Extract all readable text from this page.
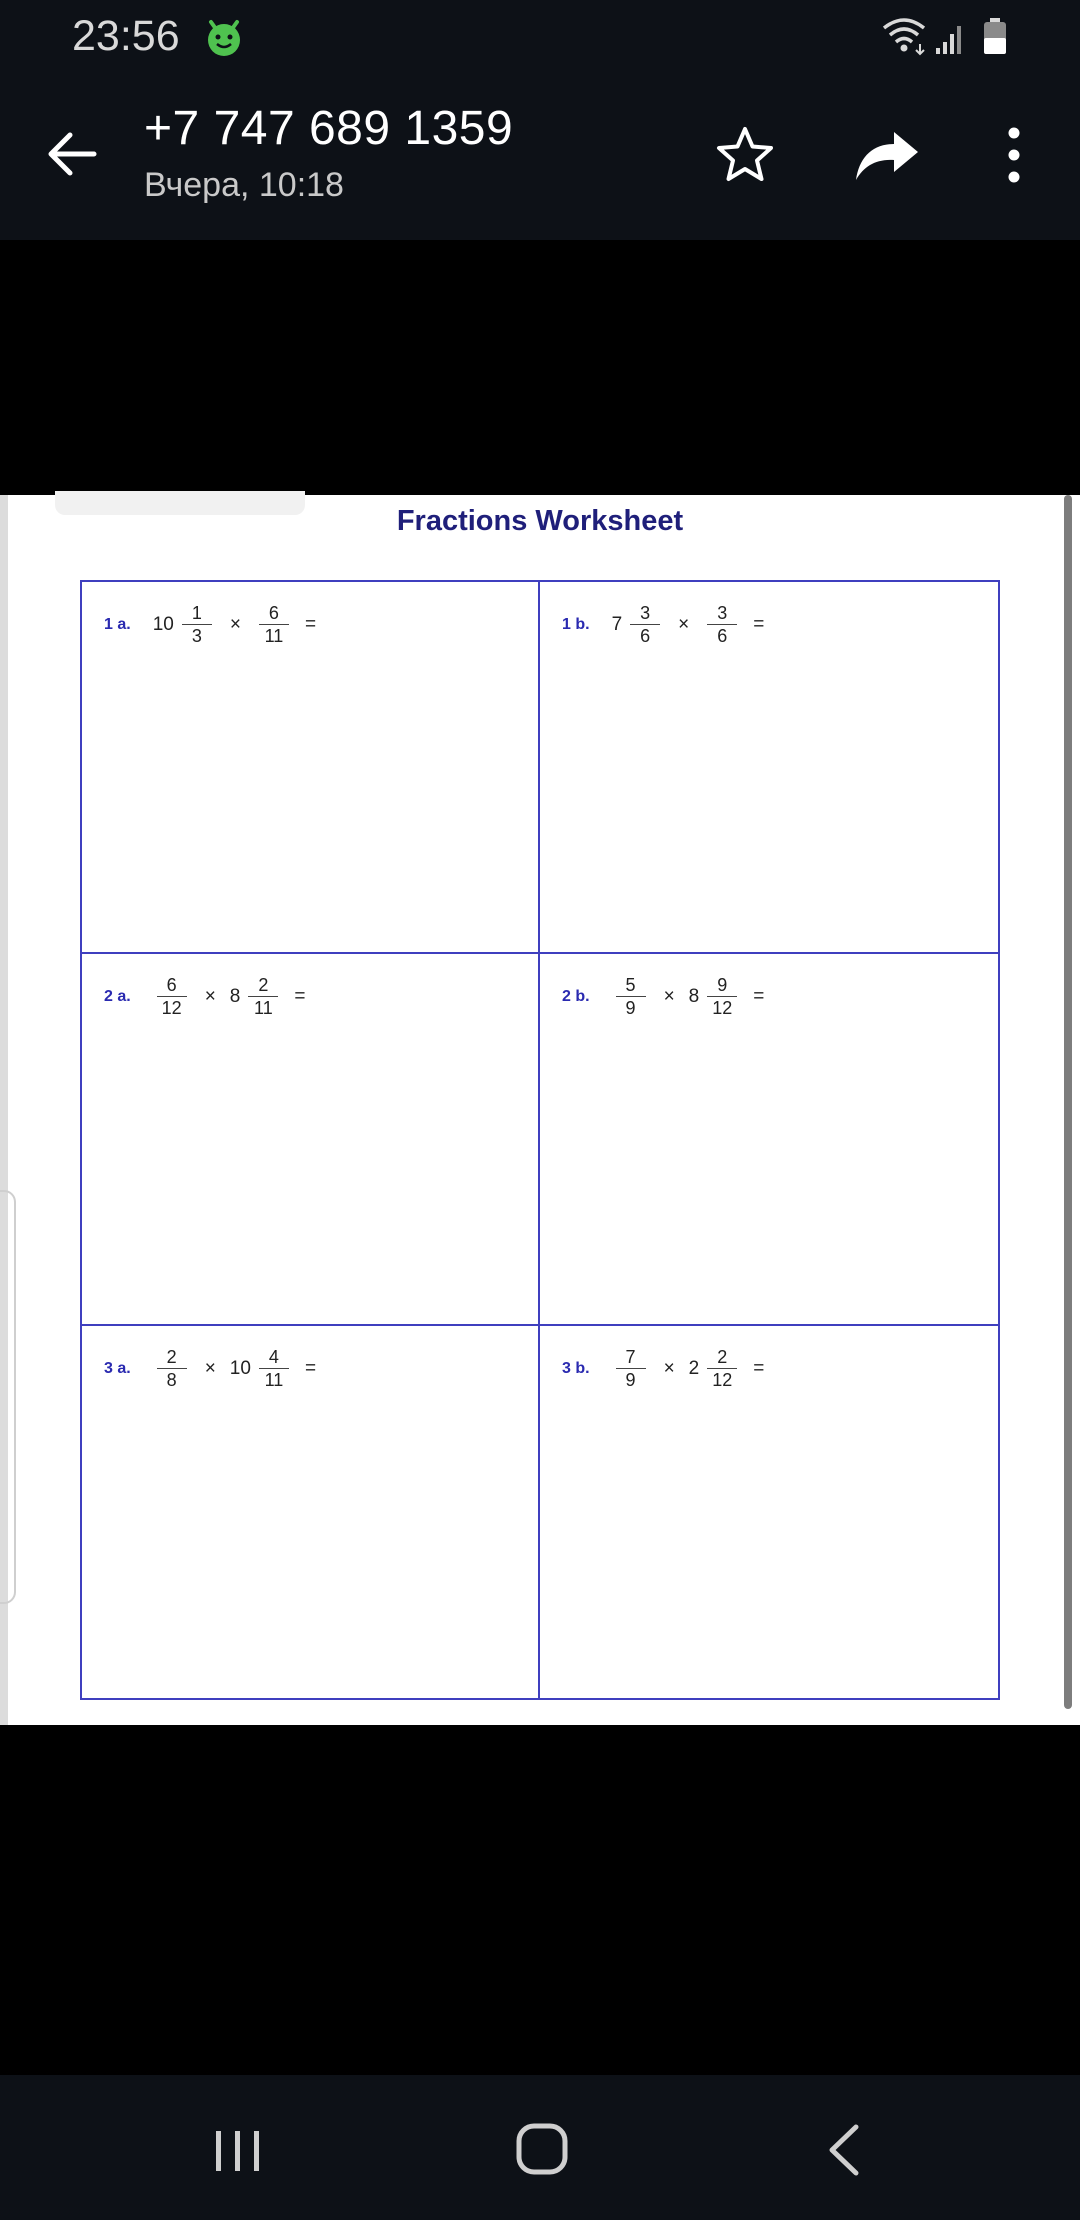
23:56
+7 747 689 1359
Вчера, 10:18
Fractions Worksheet
1 a. $10 \frac{1}{3} \times \frac{6}{11}$ =	1 b. $7 \frac{3}{6} \times \frac{3}{6}$ =
2 a. $\frac{6}{12} \times 8 \frac{2}{11}$ =	2 b. $\frac{5}{9} \times 8 \frac{9}{12}$ =
3 a. $\frac{2}{8} \times 10 \frac{4}{11}$ =	3 b. $\frac{7}{9} \times 2 \frac{2}{12}$ =
